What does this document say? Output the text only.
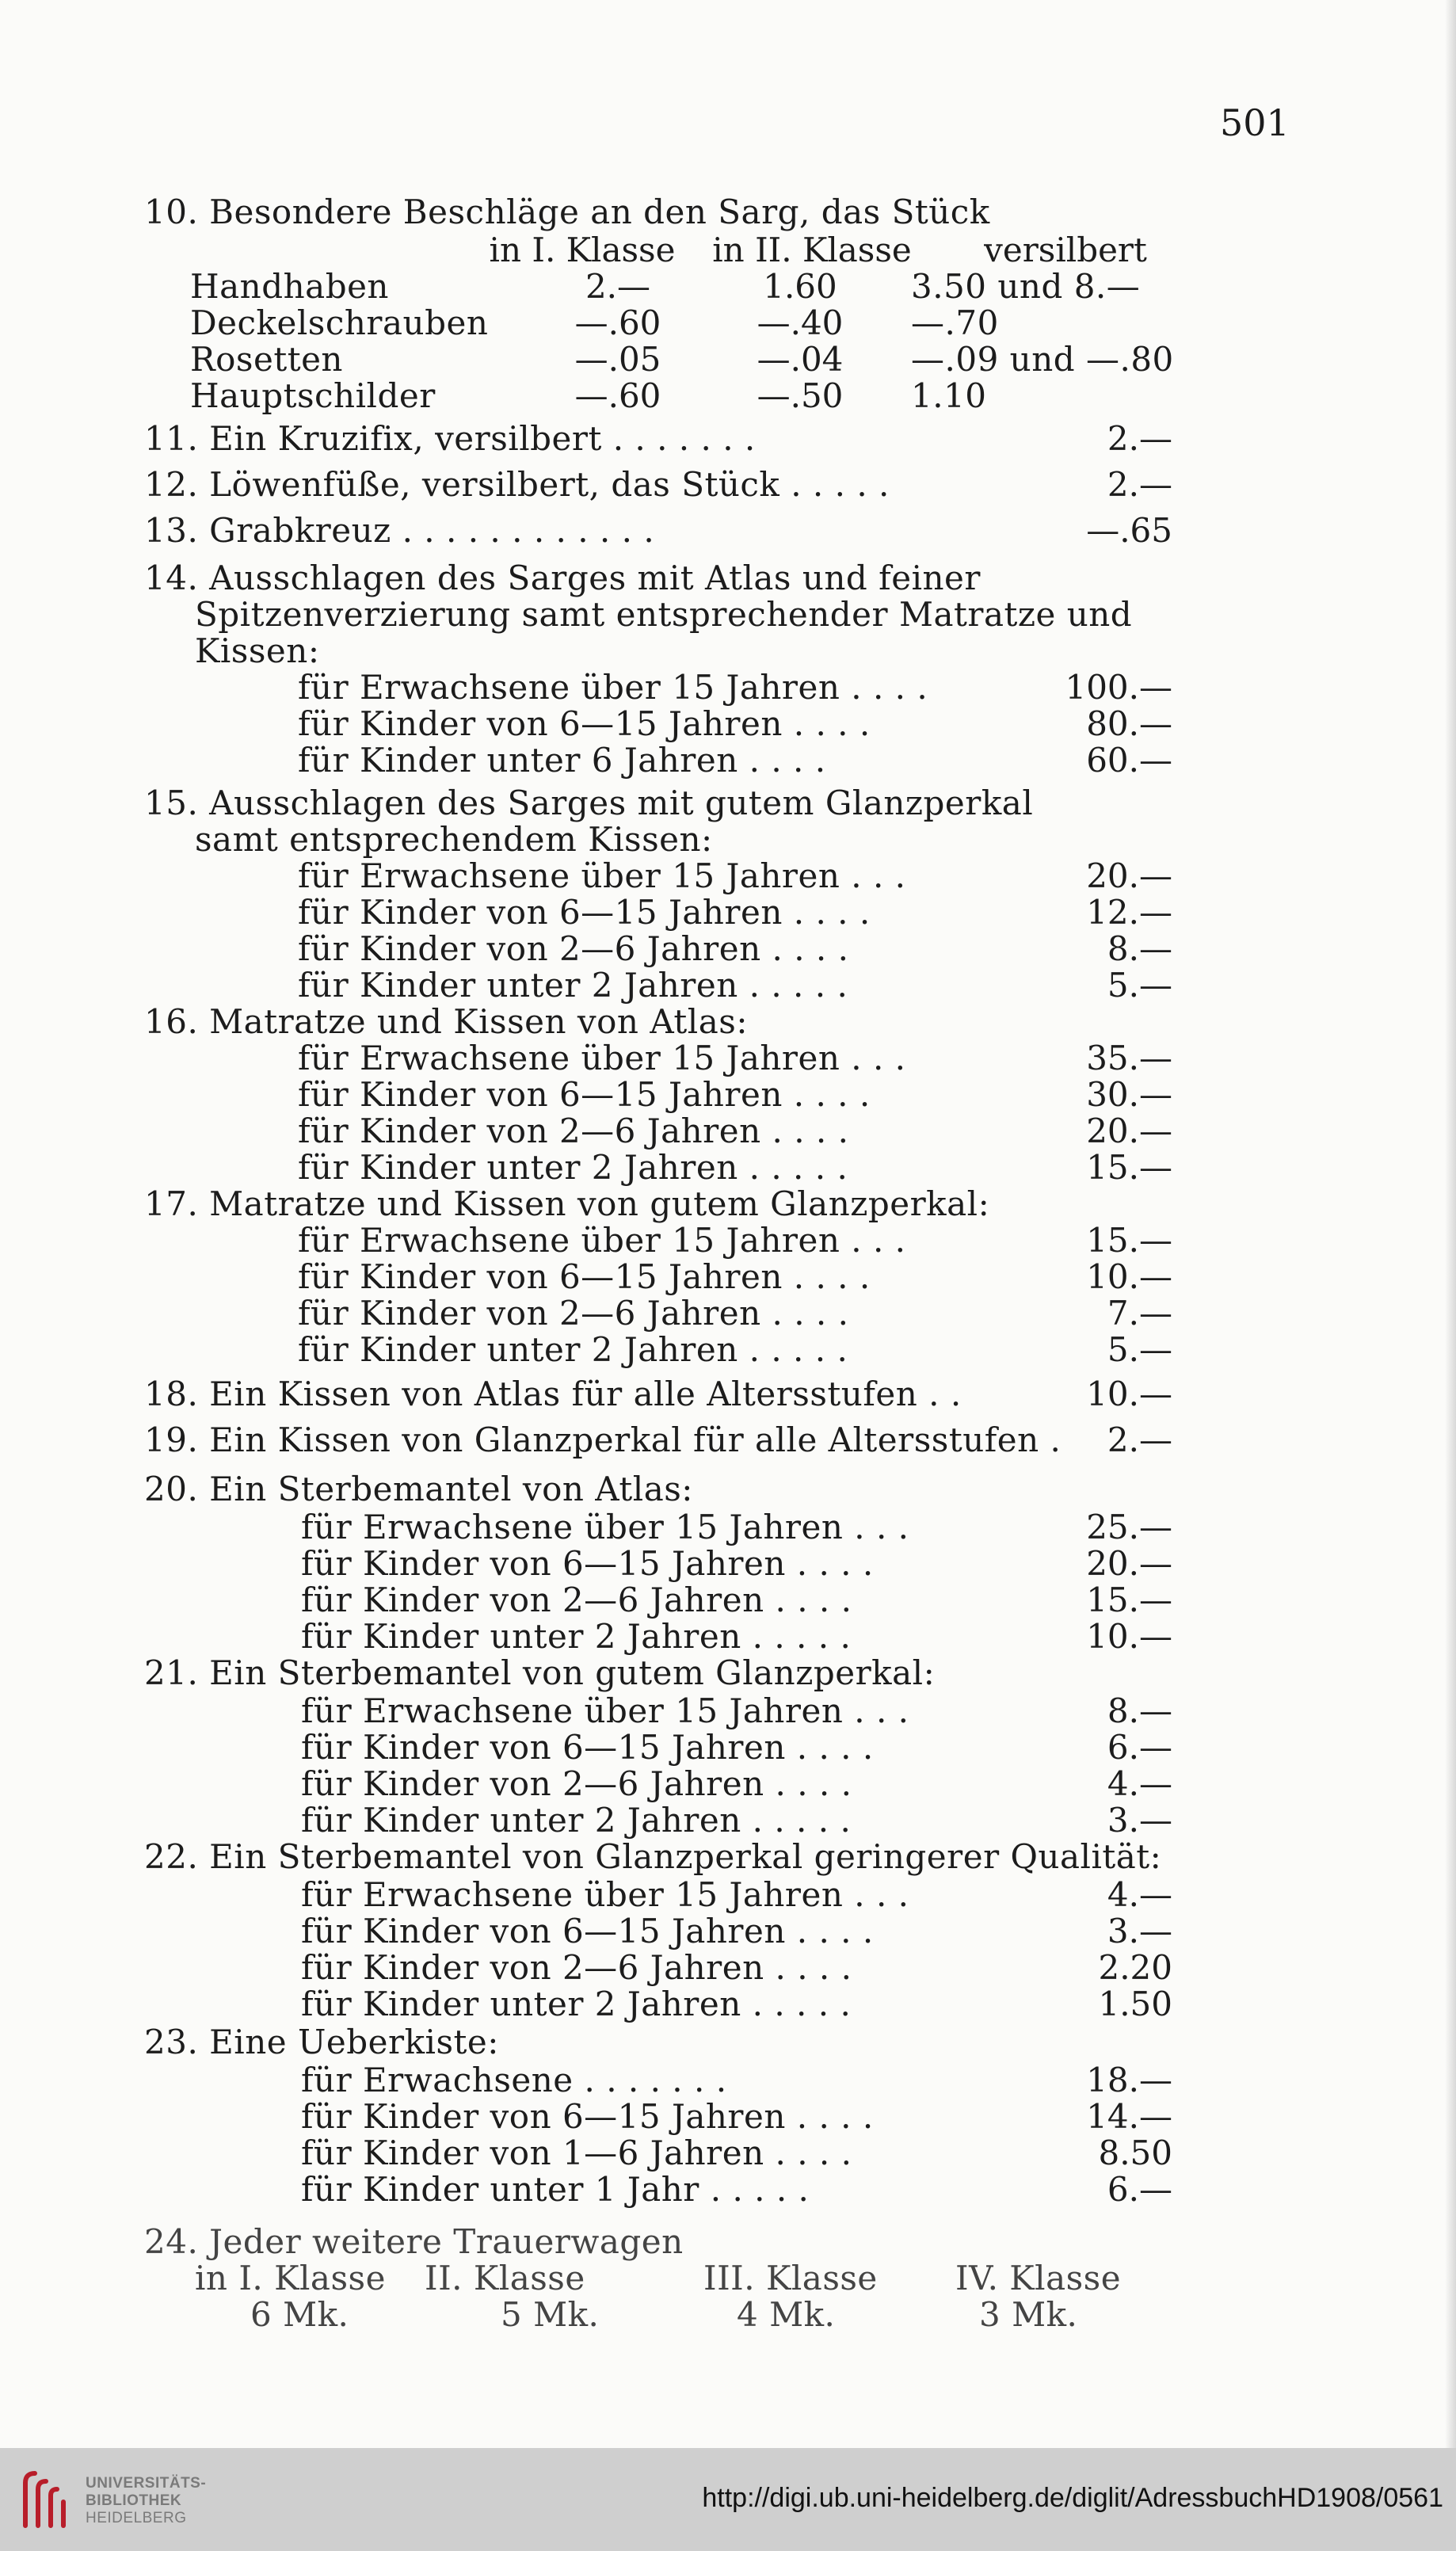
501
10. Besondere Beschläge an den Sarg, das Stück
in I. Klasse	in II. Klasse	versilbert
Handhaben	2.—	1.60	3.50 und 8.—
Deckelschrauben	—.60	—.40	—.70
Rosetten	—.05	—.04	—.09 und —.80
Hauptschilder	—.60	—.50	1.10
11. Ein Kruzifix, versilbert . . . . . . .	2.—
12. Löwenfüße, versilbert, das Stück . . . . .	2.—
13. Grabkreuz . . . . . . . . . . . .	—.65
14. Ausschlagen des Sarges mit Atlas und feiner
Spitzenverzierung samt entsprechender Matratze und
Kissen:
für Erwachsene über 15 Jahren . . . .	100.—
für Kinder von 6—15 Jahren . . . .	80.—
für Kinder unter 6 Jahren . . . .	60.—
15. Ausschlagen des Sarges mit gutem Glanzperkal
samt entsprechendem Kissen:
für Erwachsene über 15 Jahren . . .	20.—
für Kinder von 6—15 Jahren . . . .	12.—
für Kinder von 2—6 Jahren . . . .	8.—
für Kinder unter 2 Jahren . . . . .	5.—
16. Matratze und Kissen von Atlas:
für Erwachsene über 15 Jahren . . .	35.—
für Kinder von 6—15 Jahren . . . .	30.—
für Kinder von 2—6 Jahren . . . .	20.—
für Kinder unter 2 Jahren . . . . .	15.—
17. Matratze und Kissen von gutem Glanzperkal:
für Erwachsene über 15 Jahren . . .	15.—
für Kinder von 6—15 Jahren . . . .	10.—
für Kinder von 2—6 Jahren . . . .	7.—
für Kinder unter 2 Jahren . . . . .	5.—
18. Ein Kissen von Atlas für alle Altersstufen . .	10.—
19. Ein Kissen von Glanzperkal für alle Altersstufen .	2.—
20. Ein Sterbemantel von Atlas:
für Erwachsene über 15 Jahren . . .	25.—
für Kinder von 6—15 Jahren . . . .	20.—
für Kinder von 2—6 Jahren . . . .	15.—
für Kinder unter 2 Jahren . . . . .	10.—
21. Ein Sterbemantel von gutem Glanzperkal:
für Erwachsene über 15 Jahren . . .	8.—
für Kinder von 6—15 Jahren . . . .	6.—
für Kinder von 2—6 Jahren . . . .	4.—
für Kinder unter 2 Jahren . . . . .	3.—
22. Ein Sterbemantel von Glanzperkal geringerer Qualität:
für Erwachsene über 15 Jahren . . .	4.—
für Kinder von 6—15 Jahren . . . .	3.—
für Kinder von 2—6 Jahren . . . .	2.20
für Kinder unter 2 Jahren . . . . .	1.50
23. Eine Ueberkiste:
für Erwachsene . . . . . . .	18.—
für Kinder von 6—15 Jahren . . . .	14.—
für Kinder von 1—6 Jahren . . . .	8.50
für Kinder unter 1 Jahr . . . . .	6.—
24. Jeder weitere Trauerwagen
in I. Klasse II. Klasse	III. Klasse IV. Klasse
6 Mk.	5 Mk.	4 Mk.	3 Mk.
UNIVERSITÄTS-
BIBLIOTHEK
HEIDELBERG
http://digi.ub.uni-heidelberg.de/diglit/AdressbuchHD1908/0561
